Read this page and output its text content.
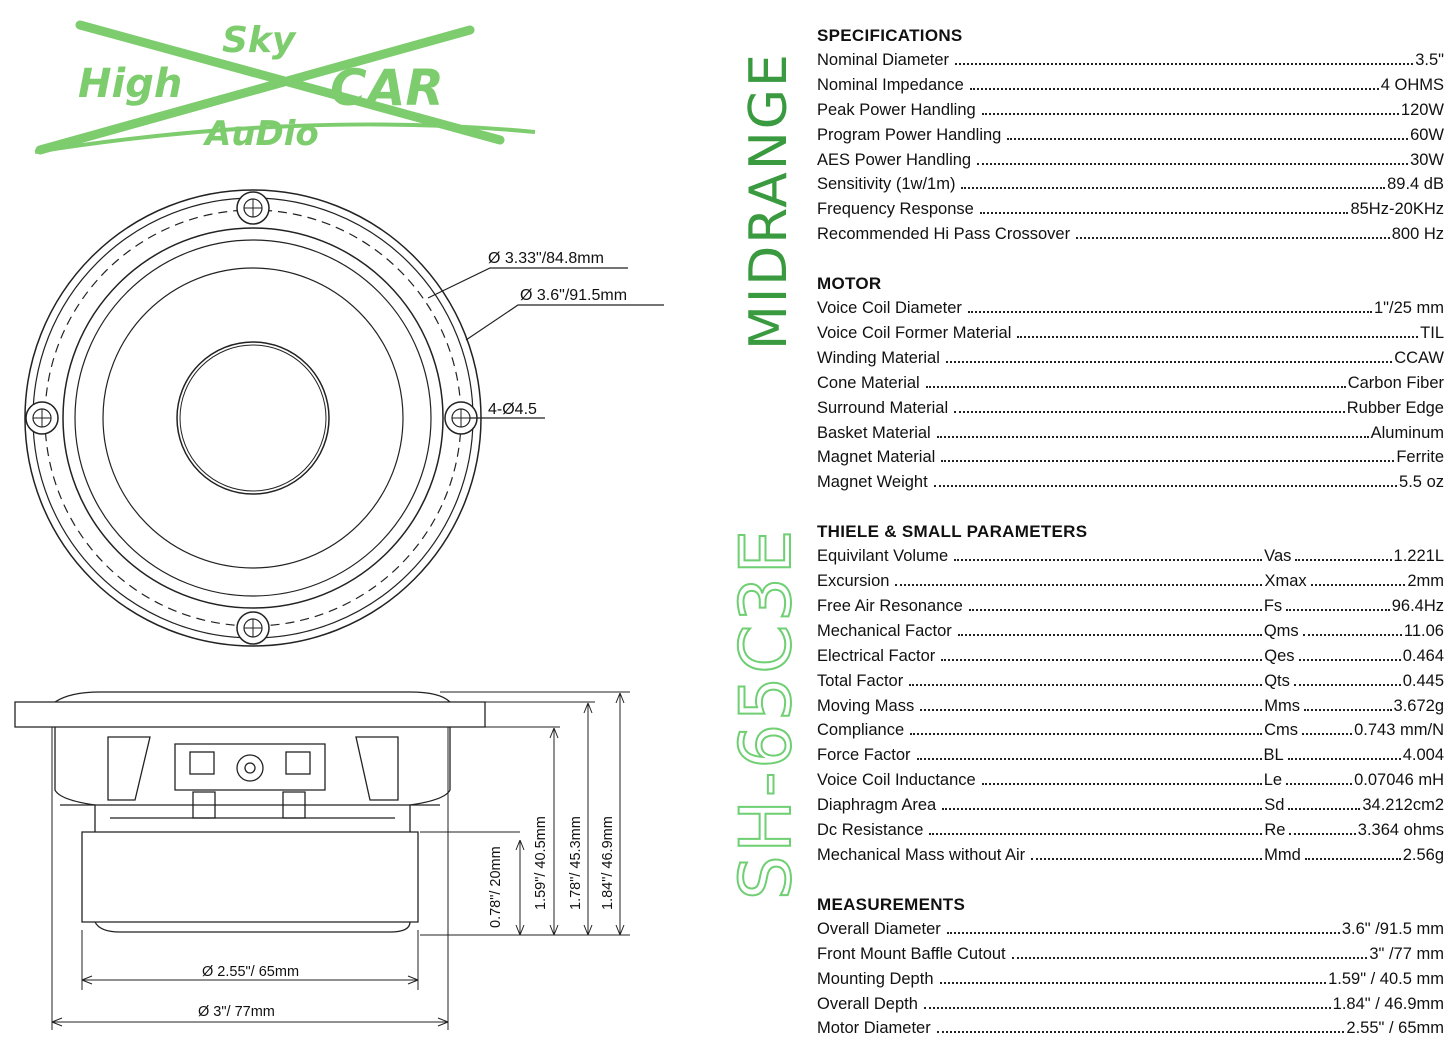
High
Sky
CAR
AuDio
Ø 3.33"/84.8mm
Ø 3.6"/91.5mm
4-Ø4.5
0.78"/ 20mm 1.59"/ 40.5mm 1.78"/ 45.3mm 1.84"/ 46.9mm
Ø 2.55"/ 65mm
Ø 3"/ 77mm
MIDRANGE
SH-65C3E
SPECIFICATIONS
Nominal Diameter	3.5"
Nominal Impedance	4 OHMS
Peak Power Handling	120W
Program Power Handling	60W
AES Power Handling	30W
Sensitivity (1w/1m)	89.4 dB
Frequency Response	85Hz-20KHz
Recommended Hi Pass Crossover	800 Hz
MOTOR
Voice Coil Diameter	1"/25 mm
Voice Coil Former Material	TIL
Winding Material	CCAW
Cone Material	Carbon Fiber
Surround Material	Rubber Edge
Basket Material	Aluminum
Magnet Material	Ferrite
Magnet Weight	5.5 oz
THIELE & SMALL PARAMETERS
Equivilant Volume	Vas	1.221L
Excursion	Xmax	2mm
Free Air Resonance	Fs	96.4Hz
Mechanical Factor	Qms	11.06
Electrical Factor	Qes	0.464
Total Factor	Qts	0.445
Moving Mass	Mms	3.672g
Compliance	Cms	0.743 mm/N
Force Factor	BL	4.004
Voice Coil Inductance	Le	0.07046 mH
Diaphragm Area	Sd	34.212cm2
Dc Resistance	Re	3.364 ohms
Mechanical Mass without Air	Mmd	2.56g
MEASUREMENTS
Overall Diameter	3.6" /91.5 mm
Front Mount Baffle Cutout	3" /77 mm
Mounting Depth	1.59" / 40.5 mm
Overall Depth	1.84" / 46.9mm
Motor Diameter	2.55" / 65mm
